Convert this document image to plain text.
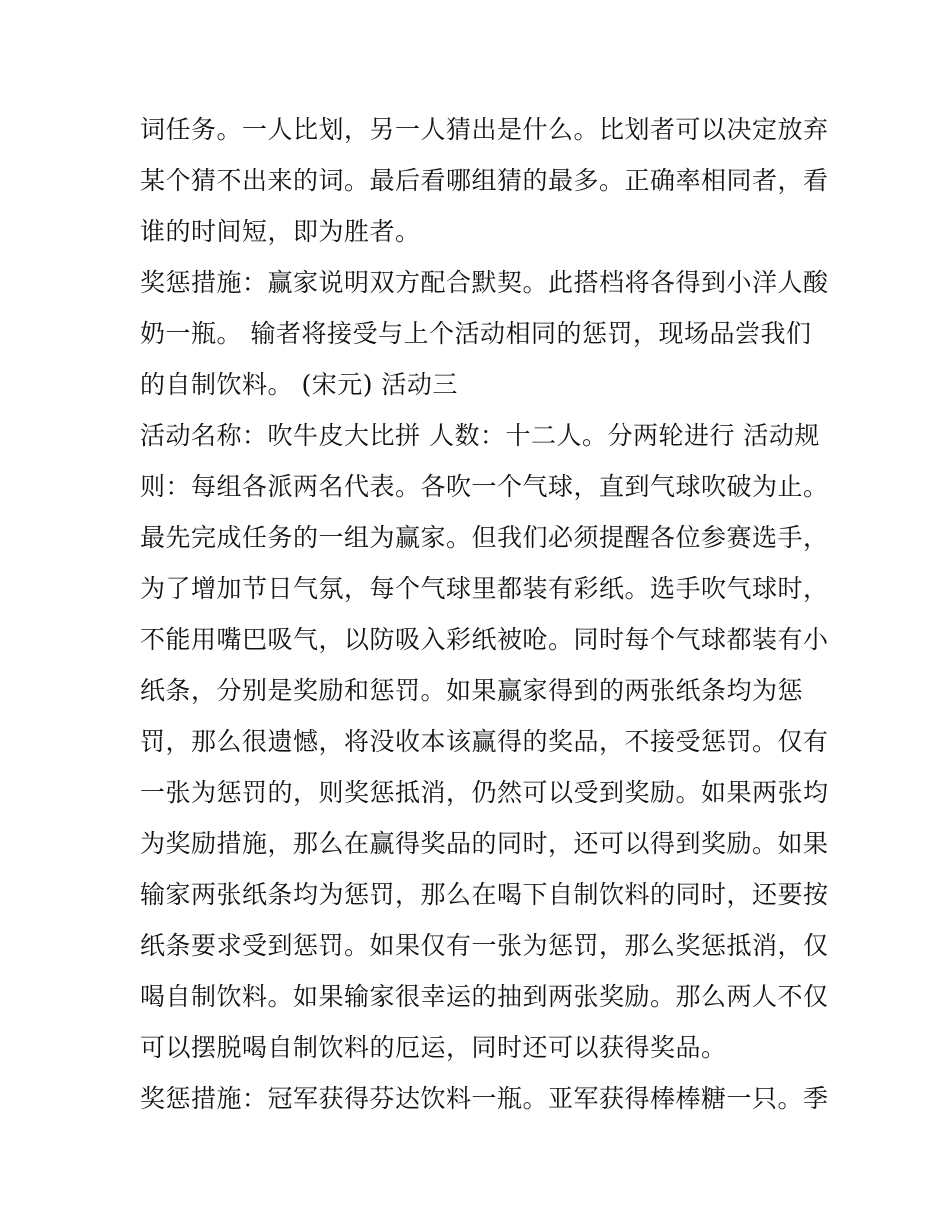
词任务。一人比划，另一人猜出是什么。比划者可以决定放弃

某个猜不出来的词。最后看哪组猜的最多。正确率相同者，看

谁的时间短，即为胜者。

奖惩措施：赢家说明双方配合默契。此搭档将各得到小洋人酸

奶一瓶。 输者将接受与上个活动相同的惩罚，现场品尝我们

的自制饮料。 (宋元) 活动三

活动名称：吹牛皮大比拼 人数：十二人。分两轮进行 活动规

则：每组各派两名代表。各吹一个气球，直到气球吹破为止。

最先完成任务的一组为赢家。但我们必须提醒各位参赛选手，

为了增加节日气氛，每个气球里都装有彩纸。选手吹气球时，

不能用嘴巴吸气，以防吸入彩纸被呛。同时每个气球都装有小

纸条，分别是奖励和惩罚。如果赢家得到的两张纸条均为惩

罚，那么很遗憾，将没收本该赢得的奖品，不接受惩罚。仅有

一张为惩罚的，则奖惩抵消，仍然可以受到奖励。如果两张均

为奖励措施，那么在赢得奖品的同时，还可以得到奖励。如果

输家两张纸条均为惩罚，那么在喝下自制饮料的同时，还要按

纸条要求受到惩罚。如果仅有一张为惩罚，那么奖惩抵消，仅

喝自制饮料。如果输家很幸运的抽到两张奖励。那么两人不仅

可以摆脱喝自制饮料的厄运，同时还可以获得奖品。

奖惩措施：冠军获得芬达饮料一瓶。亚军获得棒棒糖一只。季
